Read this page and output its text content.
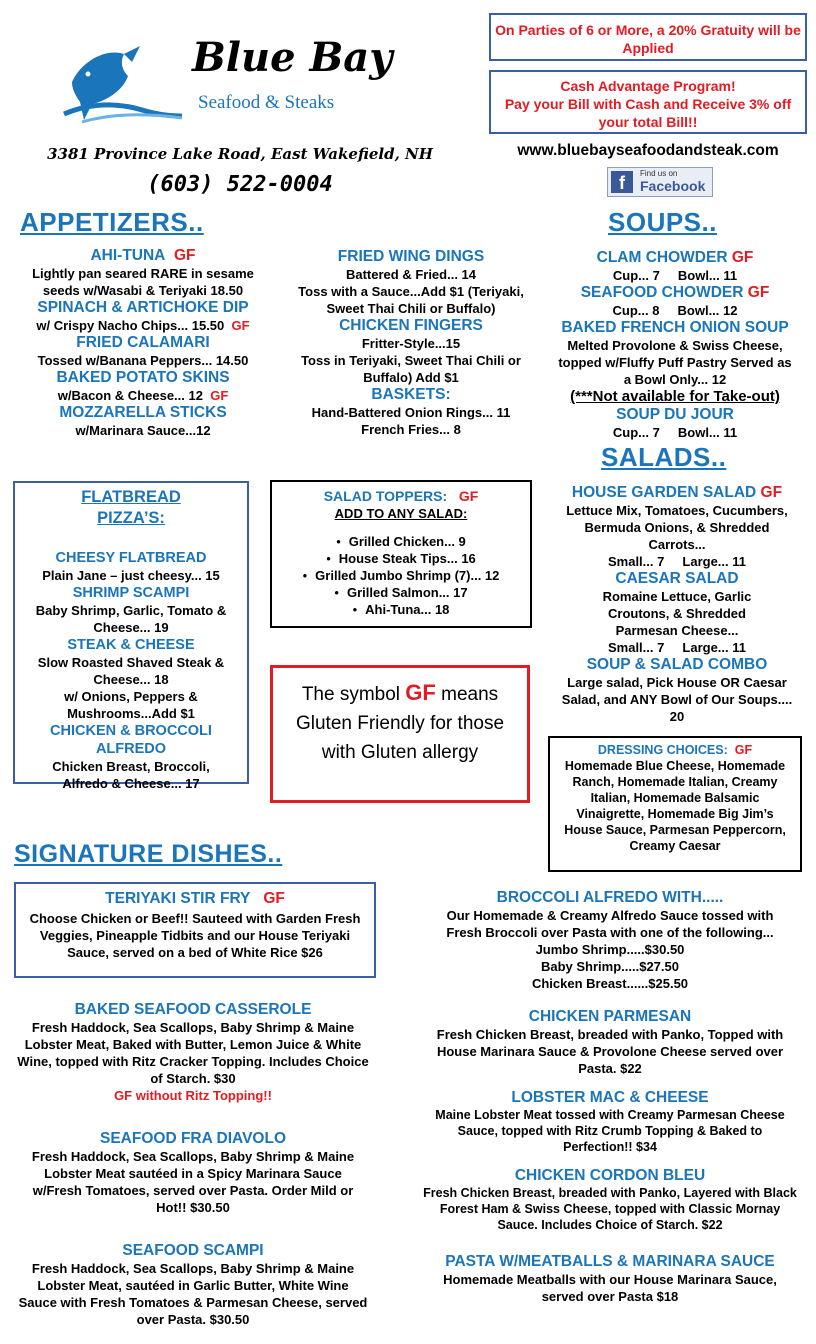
Blue Bay
Seafood & Steaks
3381 Province Lake Road, East Wakefield, NH
(603) 522-0004
On Parties of 6 or More, a 20% Gratuity will be Applied
Cash Advantage Program!
Pay your Bill with Cash and Receive 3% off your total Bill!!
www.bluebayseafoodandsteak.com
f	Find us on
Facebook
APPETIZERS..
AHI-TUNA GF
Lightly pan seared RARE in sesame seeds w/Wasabi & Teriyaki 18.50
SPINACH & ARTICHOKE DIP
w/ Crispy Nacho Chips... 15.50 GF
FRIED CALAMARI
Tossed w/Banana Peppers... 14.50
BAKED POTATO SKINS
w/Bacon & Cheese... 12 GF
MOZZARELLA STICKS
w/Marinara Sauce...12
FRIED WING DINGS
Battered & Fried... 14
Toss with a Sauce...Add $1 (Teriyaki, Sweet Thai Chili or Buffalo)
CHICKEN FINGERS
Fritter-Style...15
Toss in Teriyaki, Sweet Thai Chili or Buffalo) Add $1
BASKETS:
Hand-Battered Onion Rings... 11
French Fries... 8
SOUPS..
CLAM CHOWDER GF
Cup... 7     Bowl... 11
SEAFOOD CHOWDER GF
Cup... 8     Bowl... 12
BAKED FRENCH ONION SOUP
Melted Provolone & Swiss Cheese, topped w/Fluffy Puff Pastry Served as a Bowl Only... 12
(***Not available for Take-out)
SOUP DU JOUR
Cup... 7     Bowl... 11
SALADS..
HOUSE GARDEN SALAD GF
Lettuce Mix, Tomatoes, Cucumbers, Bermuda Onions, & Shredded Carrots...
Small... 7     Large... 11
CAESAR SALAD
Romaine Lettuce, Garlic Croutons, & Shredded Parmesan Cheese...
Small... 7     Large... 11
SOUP & SALAD COMBO
Large salad, Pick House OR Caesar Salad, and ANY Bowl of Our Soups.... 20
DRESSING CHOICES: GF
Homemade Blue Cheese, Homemade Ranch, Homemade Italian, Creamy Italian, Homemade Balsamic Vinaigrette, Homemade Big Jim’s House Sauce, Parmesan Peppercorn, Creamy Caesar
FLATBREAD
PIZZA’S:
CHEESY FLATBREAD
Plain Jane – just cheesy... 15
SHRIMP SCAMPI
Baby Shrimp, Garlic, Tomato & Cheese... 19
STEAK & CHEESE
Slow Roasted Shaved Steak & Cheese... 18
w/ Onions, Peppers & Mushrooms...Add $1
CHICKEN & BROCCOLI ALFREDO
Chicken Breast, Broccoli, Alfredo & Cheese... 17
SALAD TOPPERS: GF
ADD TO ANY SALAD:
• Grilled Chicken... 9
• House Steak Tips... 16
• Grilled Jumbo Shrimp (7)... 12
• Grilled Salmon... 17
• Ahi-Tuna... 18
The symbol GF means Gluten Friendly for those with Gluten allergy
SIGNATURE DISHES..
TERIYAKI STIR FRY GF
Choose Chicken or Beef!! Sauteed with Garden Fresh Veggies, Pineapple Tidbits and our House Teriyaki Sauce, served on a bed of White Rice $26
BAKED SEAFOOD CASSEROLE
Fresh Haddock, Sea Scallops, Baby Shrimp & Maine Lobster Meat, Baked with Butter, Lemon Juice & White Wine, topped with Ritz Cracker Topping. Includes Choice of Starch. $30
GF without Ritz Topping!!
SEAFOOD FRA DIAVOLO
Fresh Haddock, Sea Scallops, Baby Shrimp & Maine Lobster Meat sautéed in a Spicy Marinara Sauce w/Fresh Tomatoes, served over Pasta. Order Mild or Hot!! $30.50
SEAFOOD SCAMPI
Fresh Haddock, Sea Scallops, Baby Shrimp & Maine Lobster Meat, sautéed in Garlic Butter, White Wine Sauce with Fresh Tomatoes & Parmesan Cheese, served over Pasta. $30.50
BROCCOLI ALFREDO WITH.....
Our Homemade & Creamy Alfredo Sauce tossed with Fresh Broccoli over Pasta with one of the following...
Jumbo Shrimp.....$30.50
Baby Shrimp.....$27.50
Chicken Breast......$25.50
CHICKEN PARMESAN
Fresh Chicken Breast, breaded with Panko, Topped with House Marinara Sauce & Provolone Cheese served over Pasta. $22
LOBSTER MAC & CHEESE
Maine Lobster Meat tossed with Creamy Parmesan Cheese Sauce, topped with Ritz Crumb Topping & Baked to Perfection!! $34
CHICKEN CORDON BLEU
Fresh Chicken Breast, breaded with Panko, Layered with Black Forest Ham & Swiss Cheese, topped with Classic Mornay Sauce. Includes Choice of Starch. $22
PASTA W/MEATBALLS & MARINARA SAUCE
Homemade Meatballs with our House Marinara Sauce, served over Pasta $18
